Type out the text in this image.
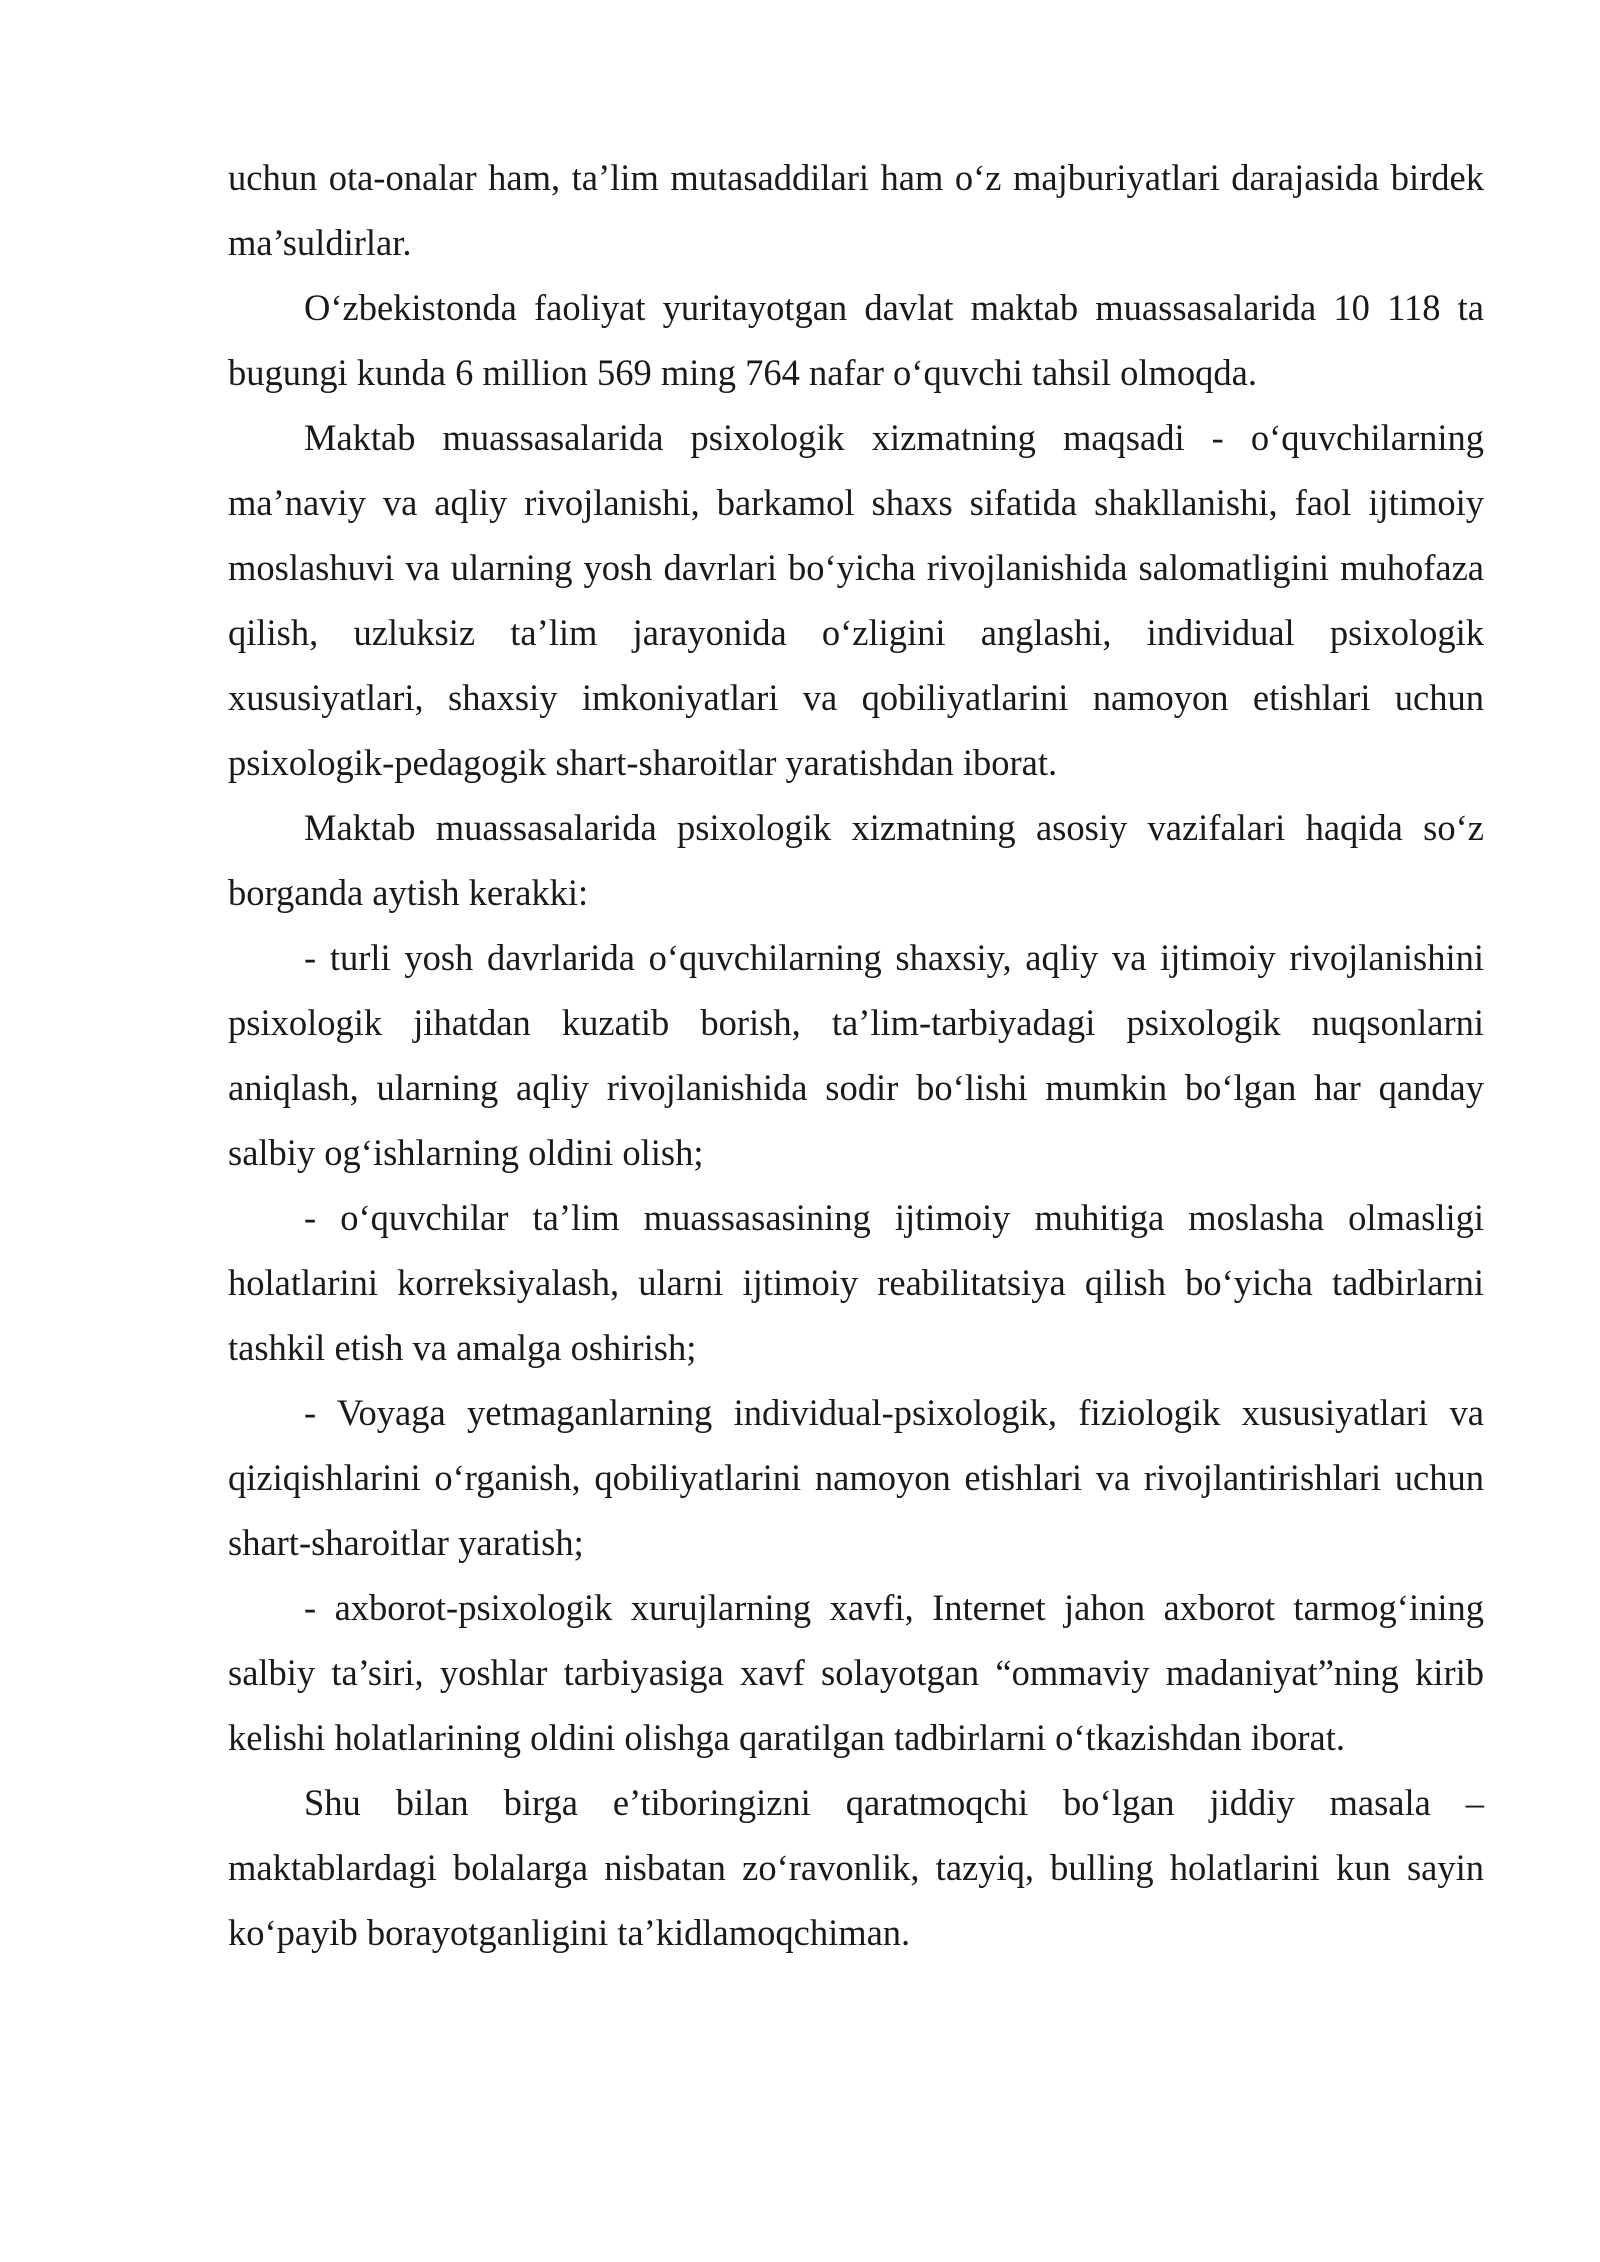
uchun ota-onalar ham, ta’lim mutasaddilari ham o‘z majburiyatlari darajasida birdek ma’suldirlar.

O‘zbekistonda faoliyat yuritayotgan davlat maktab muassasalarida 10 118 ta bugungi kunda 6 million 569 ming 764 nafar o‘quvchi tahsil olmoqda.

Maktab muassasalarida psixologik xizmatning maqsadi - o‘quvchilarning ma’naviy va aqliy rivojlanishi, barkamol shaxs sifatida shakllanishi, faol ijtimoiy moslashuvi va ularning yosh davrlari bo‘yicha rivojlanishida salomatligini muhofaza qilish, uzluksiz ta’lim jarayonida o‘zligini anglashi, individual psixologik xususiyatlari, shaxsiy imkoniyatlari va qobiliyatlarini namoyon etishlari uchun psixologik-pedagogik shart-sharoitlar yaratishdan iborat.

Maktab muassasalarida psixologik xizmatning asosiy vazifalari haqida so‘z borganda aytish kerakki:

- turli yosh davrlarida o‘quvchilarning shaxsiy, aqliy va ijtimoiy rivojlanishini psixologik jihatdan kuzatib borish, ta’lim-tarbiyadagi psixologik nuqsonlarni aniqlash, ularning aqliy rivojlanishida sodir bo‘lishi mumkin bo‘lgan har qanday salbiy og‘ishlarning oldini olish;

- o‘quvchilar ta’lim muassasasining ijtimoiy muhitiga moslasha olmasligi holatlarini korreksiyalash, ularni ijtimoiy reabilitatsiya qilish bo‘yicha tadbirlarni tashkil etish va amalga oshirish;

- Voyaga yetmaganlarning individual-psixologik, fiziologik xususiyatlari va qiziqishlarini o‘rganish, qobiliyatlarini namoyon etishlari va rivojlantirishlari uchun shart-sharoitlar yaratish;

- axborot-psixologik xurujlarning xavfi, Internet jahon axborot tarmog‘ining salbiy ta’siri, yoshlar tarbiyasiga xavf solayotgan “ommaviy madaniyat”ning kirib kelishi holatlarining oldini olishga qaratilgan tadbirlarni o‘tkazishdan iborat.

Shu bilan birga e’tiboringizni qaratmoqchi bo‘lgan jiddiy masala – maktablardagi bolalarga nisbatan zo‘ravonlik, tazyiq, bulling holatlarini kun sayin ko‘payib borayotganligini ta’kidlamoqchiman.
